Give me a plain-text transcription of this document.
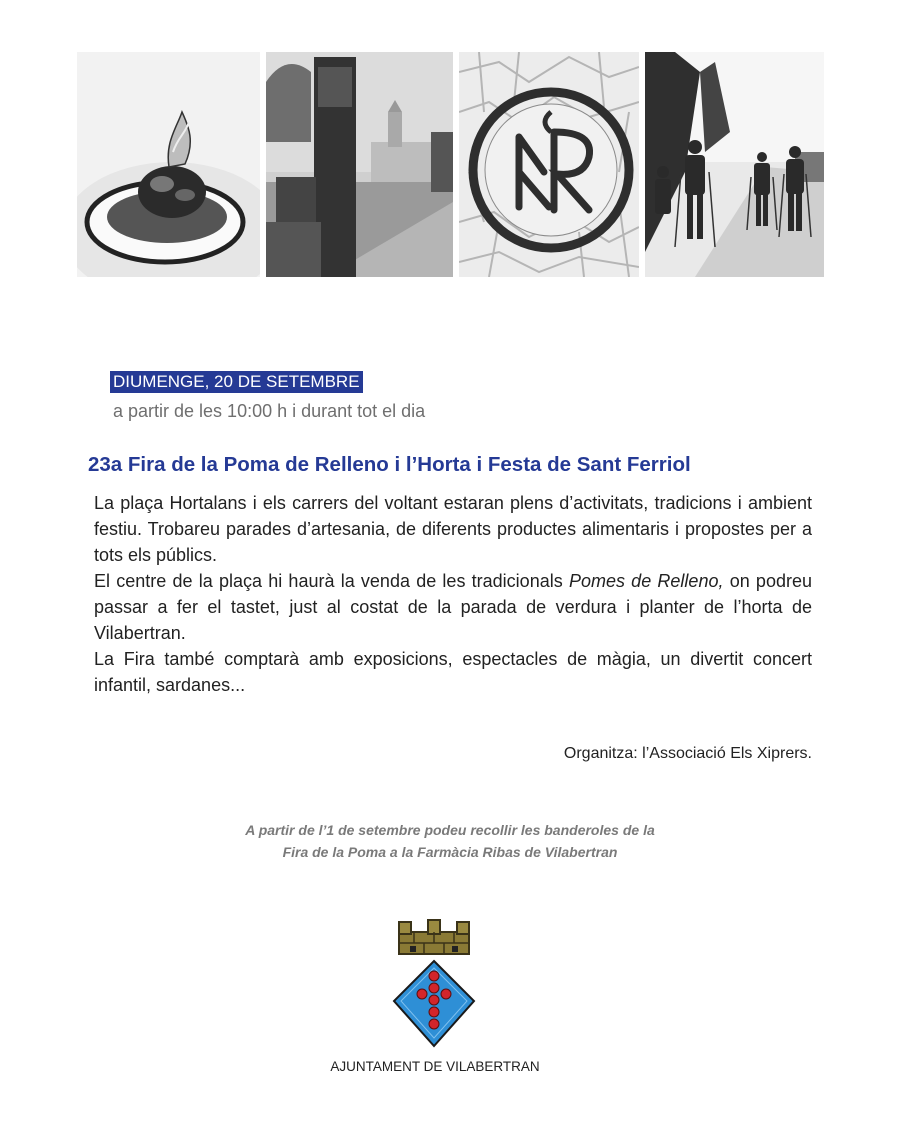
DIUMENGE, 20 DE SETEMBRE
a partir de les 10:00 h i durant tot el dia
23a Fira de la Poma de Relleno i l’Horta i Festa de Sant Ferriol

La plaça Hortalans i els carrers del voltant estaran plens d’activitats, tradicions i ambient festiu. Trobareu parades d’artesania, de diferents productes alimentaris i propostes per a tots els públics.

El centre de la plaça hi haurà la venda de les tradicionals Pomes de Relleno, on podreu passar a fer el tastet, just al costat de la parada de verdura i planter de l’horta de Vilabertran.

La Fira també comptarà amb exposicions, espectacles de màgia, un divertit concert infantil, sardanes...

Organitza: l’Associació Els Xiprers.
A partir de l’1 de setembre podeu recollir les banderoles de la
Fira de la Poma a la Farmàcia Ribas de Vilabertran
AJUNTAMENT DE VILABERTRAN
